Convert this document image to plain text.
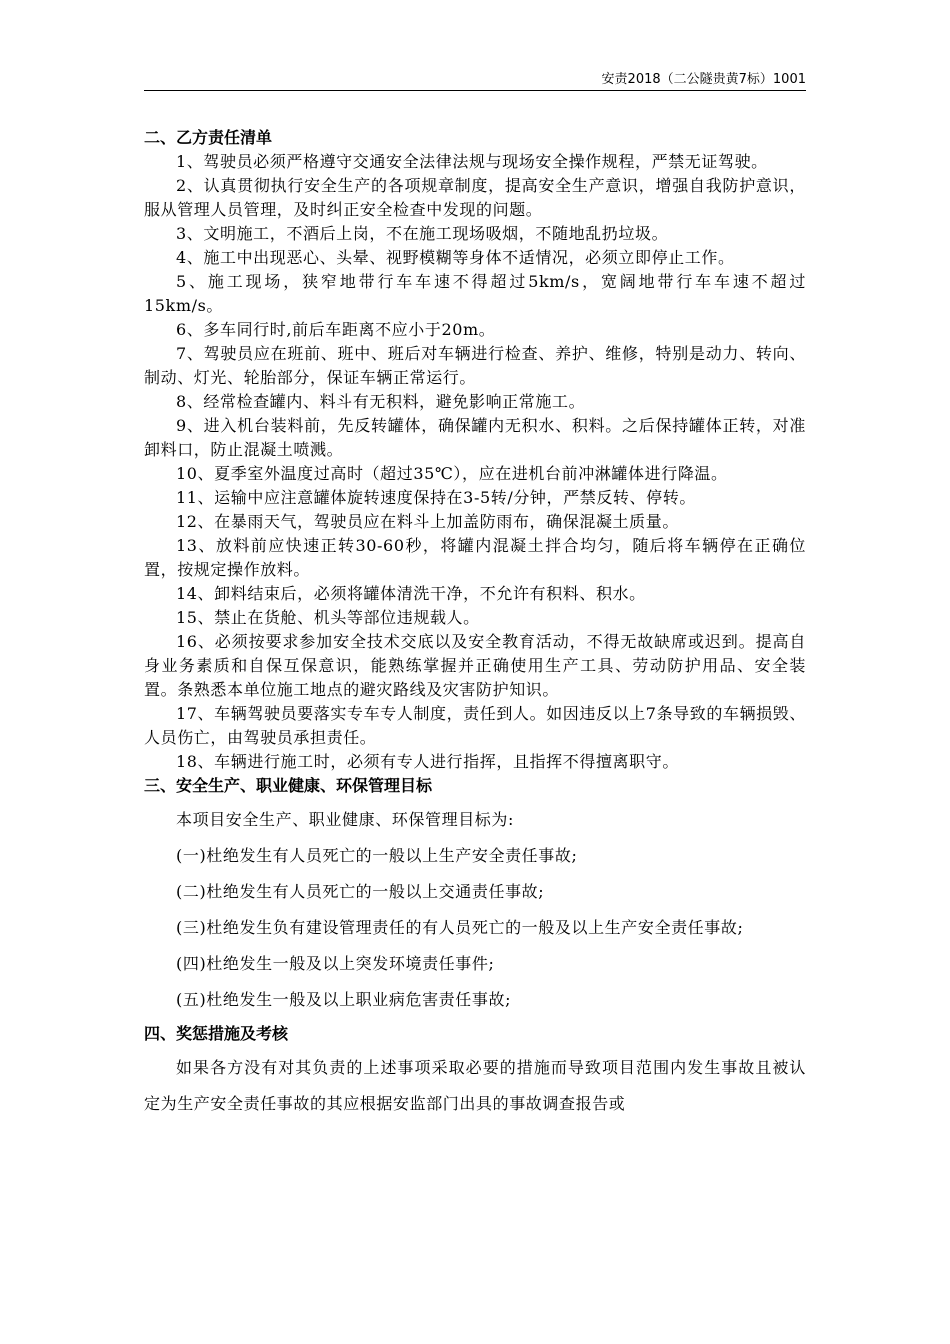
安责2018（二公隧贵黄7标）1001

二、乙方责任清单

1、驾驶员必须严格遵守交通安全法律法规与现场安全操作规程，严禁无证驾驶。

2、认真贯彻执行安全生产的各项规章制度，提高安全生产意识，增强自我防护意识，服从管理人员管理，及时纠正安全检查中发现的问题。

3、文明施工，不酒后上岗，不在施工现场吸烟，不随地乱扔垃圾。

4、施工中出现恶心、头晕、视野模糊等身体不适情况，必须立即停止工作。

5、施工现场，狭窄地带行车车速不得超过5km/s，宽阔地带行车车速不超过15km/s。

6、多车同行时,前后车距离不应小于20m。

7、驾驶员应在班前、班中、班后对车辆进行检查、养护、维修，特别是动力、转向、制动、灯光、轮胎部分，保证车辆正常运行。

8、经常检查罐内、料斗有无积料，避免影响正常施工。

9、进入机台装料前，先反转罐体，确保罐内无积水、积料。之后保持罐体正转，对准卸料口，防止混凝土喷溅。

10、夏季室外温度过高时（超过35℃），应在进机台前冲淋罐体进行降温。

11、运输中应注意罐体旋转速度保持在3-5转/分钟，严禁反转、停转。

12、在暴雨天气，驾驶员应在料斗上加盖防雨布，确保混凝土质量。

13、放料前应快速正转30-60秒，将罐内混凝土拌合均匀，随后将车辆停在正确位置，按规定操作放料。

14、卸料结束后，必须将罐体清洗干净，不允许有积料、积水。

15、禁止在货舱、机头等部位违规载人。

16、必须按要求参加安全技术交底以及安全教育活动，不得无故缺席或迟到。提高自身业务素质和自保互保意识，能熟练掌握并正确使用生产工具、劳动防护用品、安全装置。条熟悉本单位施工地点的避灾路线及灾害防护知识。

17、车辆驾驶员要落实专车专人制度，责任到人。如因违反以上7条导致的车辆损毁、人员伤亡，由驾驶员承担责任。

18、车辆进行施工时，必须有专人进行指挥，且指挥不得擅离职守。

三、安全生产、职业健康、环保管理目标

本项目安全生产、职业健康、环保管理目标为:

(一)杜绝发生有人员死亡的一般以上生产安全责任事故;

(二)杜绝发生有人员死亡的一般以上交通责任事故;

(三)杜绝发生负有建设管理责任的有人员死亡的一般及以上生产安全责任事故;

(四)杜绝发生一般及以上突发环境责任事件;

(五)杜绝发生一般及以上职业病危害责任事故;

四、奖惩措施及考核

如果各方没有对其负责的上述事项采取必要的措施而导致项目范围内发生事故且被认定为生产安全责任事故的其应根据安监部门出具的事故调查报告或
